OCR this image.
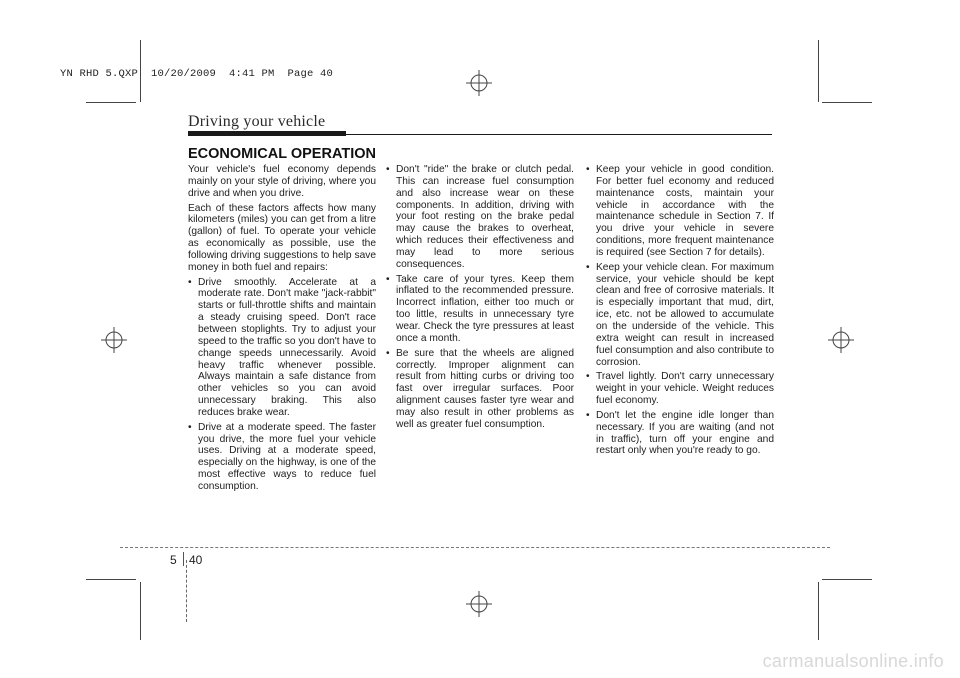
YN RHD 5.QXP  10/20/2009  4:41 PM  Page 40
Driving your vehicle
ECONOMICAL OPERATION

Your vehicle's fuel economy depends mainly on your style of driving, where you drive and when you drive.

Each of these factors affects how many kilometers (miles) you can get from a litre (gallon) of fuel. To operate your vehicle as economically as possible, use the following driving suggestions to help save money in both fuel and repairs:

• Drive smoothly. Accelerate at a moderate rate. Don't make "jack-rabbit" starts or full-throttle shifts and maintain a steady cruising speed. Don't race between stoplights. Try to adjust your speed to the traffic so you don't have to change speeds unnecessarily. Avoid heavy traffic whenever possible. Always maintain a safe distance from other vehicles so you can avoid unnecessary braking. This also reduces brake wear.
• Drive at a moderate speed. The faster you drive, the more fuel your vehicle uses. Driving at a moderate speed, especially on the highway, is one of the most effective ways to reduce fuel consumption.
• Don't "ride" the brake or clutch pedal. This can increase fuel consumption and also increase wear on these components. In addition, driving with your foot resting on the brake pedal may cause the brakes to overheat, which reduces their effectiveness and may lead to more serious consequences.
• Take care of your tyres. Keep them inflated to the recommended pressure. Incorrect inflation, either too much or too little, results in unnecessary tyre wear. Check the tyre pressures at least once a month.
• Be sure that the wheels are aligned correctly. Improper alignment can result from hitting curbs or driving too fast over irregular surfaces. Poor alignment causes faster tyre wear and may also result in other problems as well as greater fuel consumption.
• Keep your vehicle in good condition. For better fuel economy and reduced maintenance costs, maintain your vehicle in accordance with the maintenance schedule in Section 7. If you drive your vehicle in severe conditions, more frequent maintenance is required (see Section 7 for details).
• Keep your vehicle clean. For maximum service, your vehicle should be kept clean and free of corrosive materials. It is especially important that mud, dirt, ice, etc. not be allowed to accumulate on the underside of the vehicle. This extra weight can result in increased fuel consumption and also contribute to corrosion.
• Travel lightly. Don't carry unnecessary weight in your vehicle. Weight reduces fuel economy.
• Don't let the engine idle longer than necessary. If you are waiting (and not in traffic), turn off your engine and restart only when you're ready to go.
5 40
carmanualsonline.info
